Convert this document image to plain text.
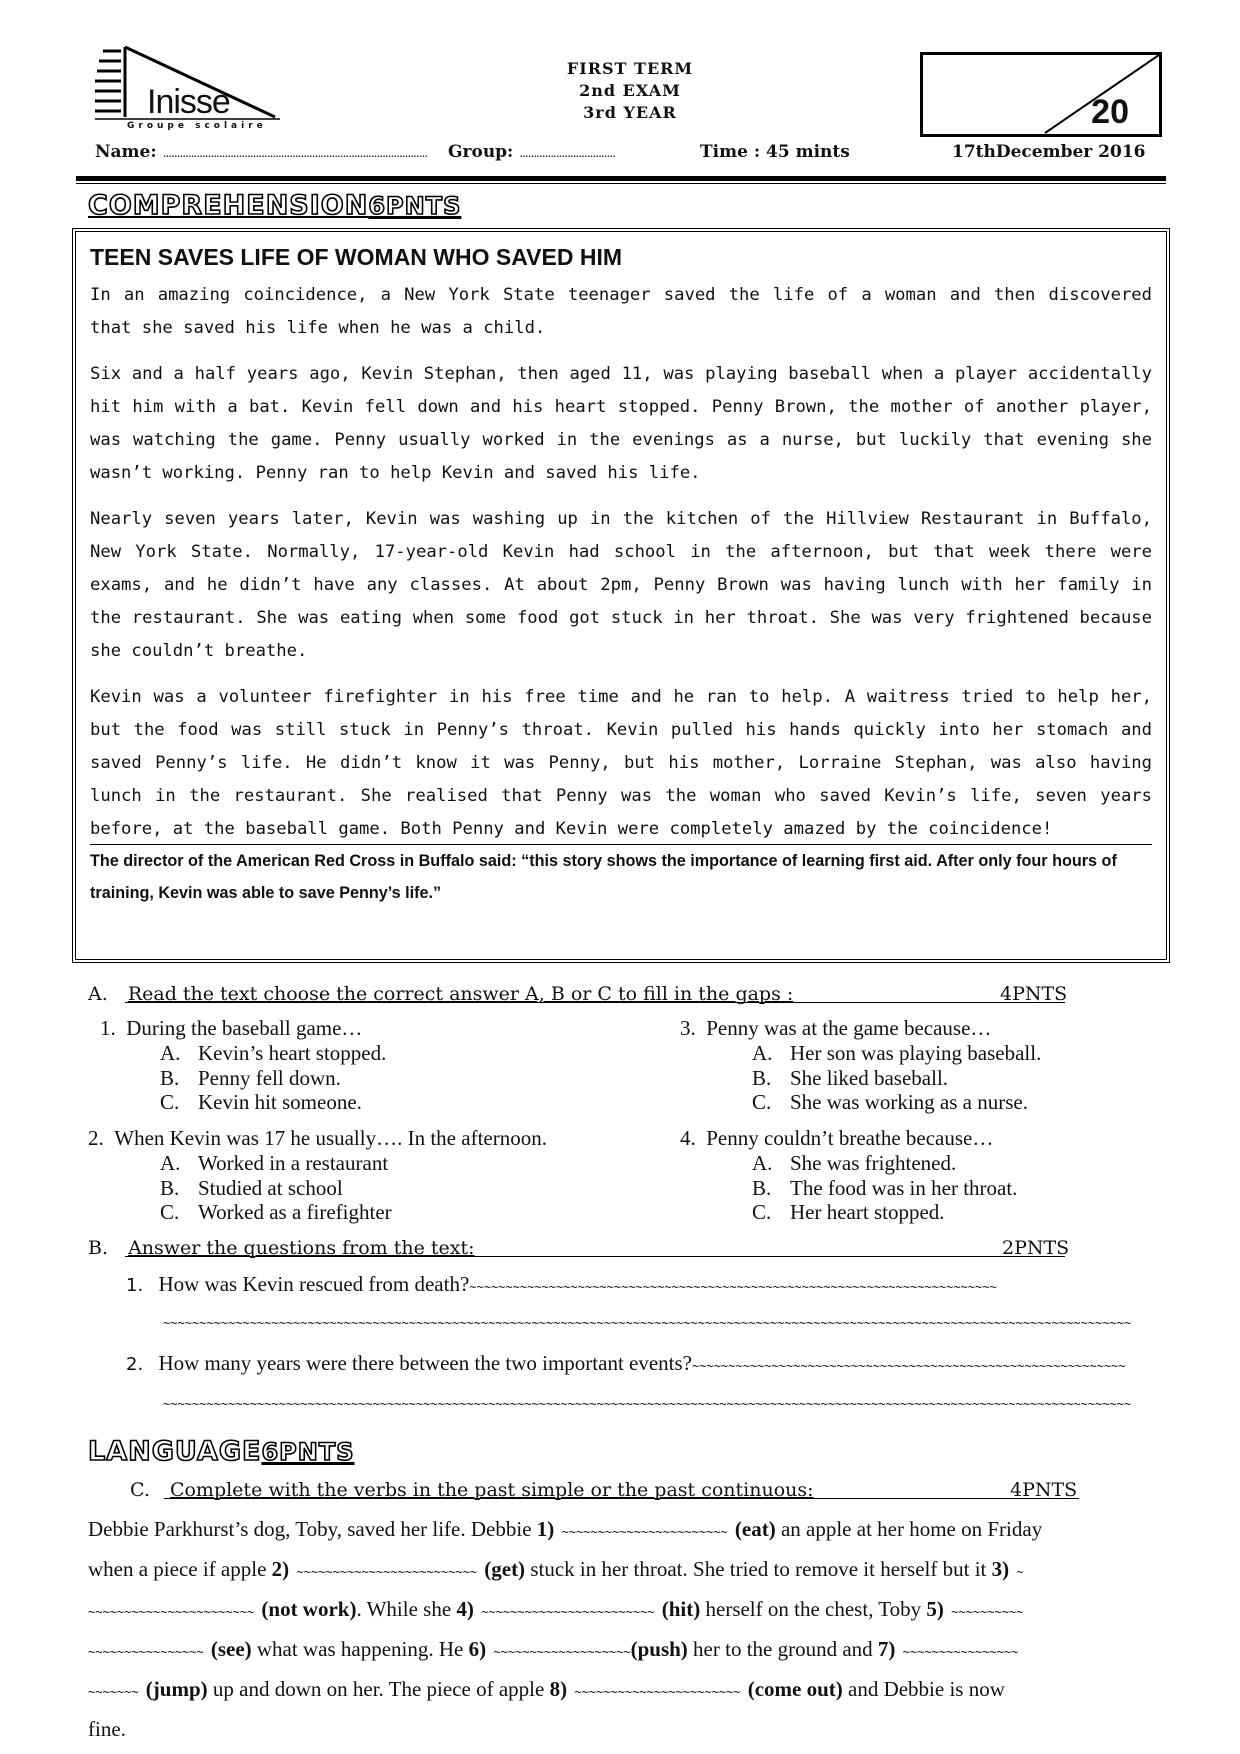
Inisse
Groupe scolaire
FIRST TERM
2nd EXAM
3rd YEAR	20
Name: .............................................................................................. Group: ..................................	Time : 45 mints	17thDecember 2016
COMPREHENSION6PNTS
TEEN SAVES LIFE OF WOMAN WHO SAVED HIM

In an amazing coincidence, a New York State teenager saved the life of a woman and then discovered that she saved his life when he was a child.

Six and a half years ago, Kevin Stephan, then aged 11, was playing baseball when a player accidentally hit him with a bat. Kevin fell down and his heart stopped. Penny Brown, the mother of another player, was watching the game. Penny usually worked in the evenings as a nurse, but luckily that evening she wasn’t working. Penny ran to help Kevin and saved his life.

Nearly seven years later, Kevin was washing up in the kitchen of the Hillview Restaurant in Buffalo, New York State. Normally, 17-year-old Kevin had school in the afternoon, but that week there were exams, and he didn’t have any classes. At about 2pm, Penny Brown was having lunch with her family in the restaurant. She was eating when some food got stuck in her throat. She was very frightened because she couldn’t breathe.

Kevin was a volunteer firefighter in his free time and he ran to help. A waitress tried to help her, but the food was still stuck in Penny’s throat. Kevin pulled his hands quickly into her stomach and saved Penny’s life. He didn’t know it was Penny, but his mother, Lorraine Stephan, was also having lunch in the restaurant. She realised that Penny was the woman who saved Kevin’s life, seven years before, at the baseball game. Both Penny and Kevin were completely amazed by the coincidence!

The director of the American Red Cross in Buffalo said: “this story shows the importance of learning first aid. After only four hours of training, Kevin was able to save Penny’s life.”
A. Read the text choose the correct answer A, B or C to fill in the gaps :	4PNTS
1. During the baseball game…
A. Kevin’s heart stopped.
B. Penny fell down.
C. Kevin hit someone.
2. When Kevin was 17 he usually…. In the afternoon.
A. Worked in a restaurant
B. Studied at school
C. Worked as a firefighter
3. Penny was at the game because…
A. Her son was playing baseball.
B. She liked baseball.
C. She was working as a nurse.
4. Penny couldn’t breathe because…
A. She was frightened.
B. The food was in her throat.
C. Her heart stopped.
B. Answer the questions from the text:	2PNTS
1. How was Kevin rescued from death?~~~~~~~~~~~~~~~~~~~~~~~~~~~~~~~~~~~~~~~~~~~~~~~~~~~~~~~~~~~~~~~~~~~~~~~~~
~~~~~~~~~~~~~~~~~~~~~~~~~~~~~~~~~~~~~~~~~~~~~~~~~~~~~~~~~~~~~~~~~~~~~~~~~~~~~~~~~~~~~~~~~~~~~~~~~~~~~~~~~~~~~~~~~~~~~~~~~~~~~~~~~~~~~~
2. How many years were there between the two important events?~~~~~~~~~~~~~~~~~~~~~~~~~~~~~~~~~~~~~~~~~~~~~~~~~~~~~~~~~~~~
~~~~~~~~~~~~~~~~~~~~~~~~~~~~~~~~~~~~~~~~~~~~~~~~~~~~~~~~~~~~~~~~~~~~~~~~~~~~~~~~~~~~~~~~~~~~~~~~~~~~~~~~~~~~~~~~~~~~~~~~~~~~~~~~~~~~~~
LANGUAGE6PNTS
C. Complete with the verbs in the past simple or the past continuous:	4PNTS
Debbie Parkhurst’s dog, Toby, saved her life. Debbie 1) ~~~~~~~~~~~~~~~~~~~~~~~ (eat) an apple at her home on Friday
when a piece if apple 2) ~~~~~~~~~~~~~~~~~~~~~~~~~ (get) stuck in her throat. She tried to remove it herself but it 3) ~
~~~~~~~~~~~~~~~~~~~~~~~ (not work). While she 4) ~~~~~~~~~~~~~~~~~~~~~~~~ (hit) herself on the chest, Toby 5) ~~~~~~~~~~
~~~~~~~~~~~~~~~~ (see) what was happening. He 6) ~~~~~~~~~~~~~~~~~~~(push) her to the ground and 7) ~~~~~~~~~~~~~~~~
~~~~~~~ (jump) up and down on her. The piece of apple 8) ~~~~~~~~~~~~~~~~~~~~~~~ (come out) and Debbie is now
fine.
